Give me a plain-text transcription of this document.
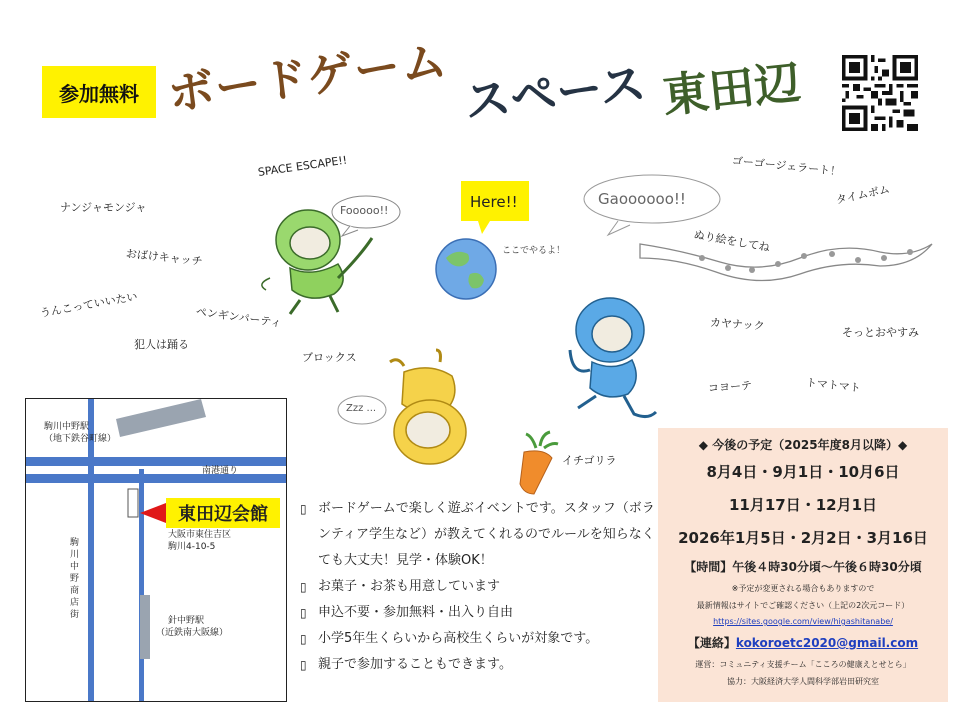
参加無料 ボードゲーム スペース 東田辺
SPACE ESCAPE!!
ナンジャモンジャ
おばけキャッチ
うんこっていいたい	ペンギンパーティ
犯人は踊る
ブロックス
ゴーゴージェラート！
タイムボム
ぬり絵をしてね
カヤナック	そっとおやすみ
コヨーテ	トマトマト
イチゴリラ
Here!!
ここでやるよ！
Fooooo!!
Gaoooooo!!
Zzz ...
駒川中野駅
（地下鉄谷町線）
南港通り
東田辺会館
大阪市東住吉区
駒川4-10-5
駒
川
中
野
商
店
街
針中野駅
（近鉄南大阪線）
▯ ボードゲームで楽しく遊ぶイベントです。スタッフ（ボランティア学生など）が教えてくれるのでルールを知らなくても大丈夫！見学・体験OK！
▯ お菓子・お茶も用意しています
▯ 申込不要・参加無料・出入り自由
▯ 小学5年生くらいから高校生くらいが対象です。
▯ 親子で参加することもできます。
◆ 今後の予定（2025年度8月以降）◆
8月4日・9月1日・10月6日
11月17日・12月1日
2026年1月5日・2月2日・3月16日
【時間】午後４時30分頃～午後６時30分頃
※予定が変更される場合もありますので
最新情報はサイトでご確認ください（上記の2次元コード）
https://sites.google.com/view/higashitanabe/
【連絡】kokoroetc2020@gmail.com
運営：コミュニティ支援チーム「こころの健康えとせとら」
協力：大阪経済大学人間科学部岩田研究室
